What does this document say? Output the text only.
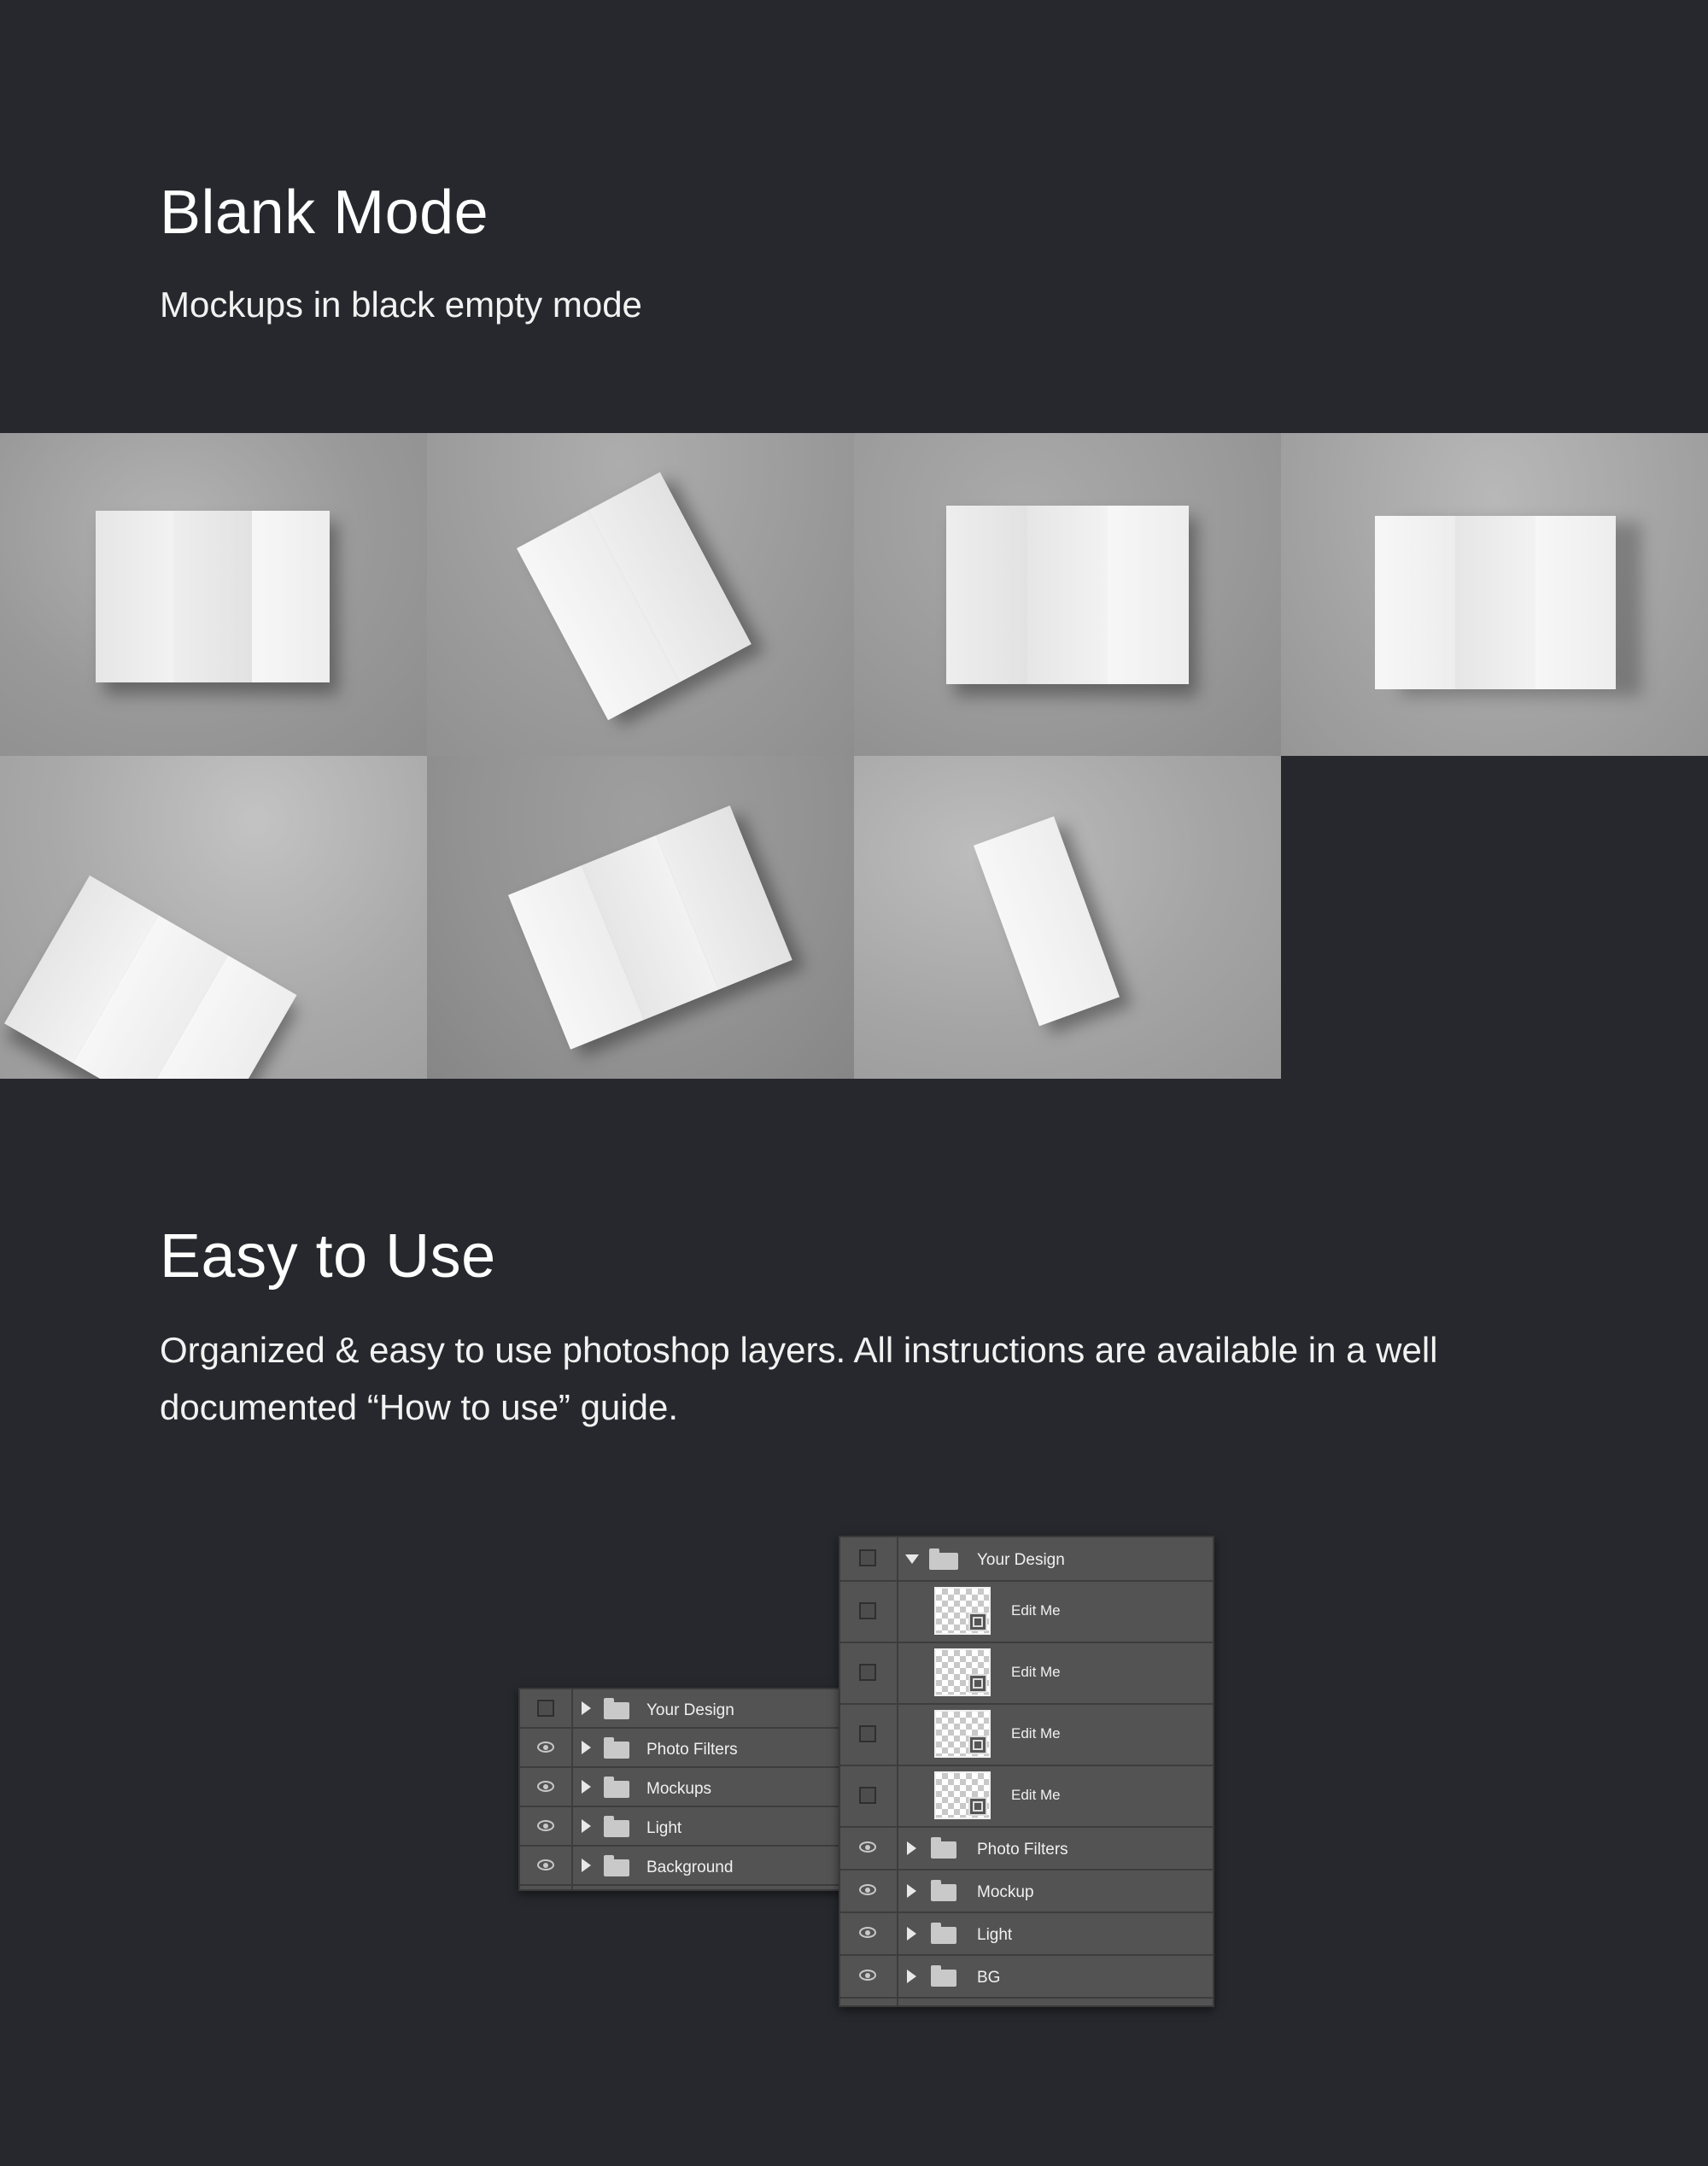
Blank Mode

Mockups in black empty mode

Easy to Use

Organized & easy to use photoshop layers. All instructions are available in a well documented “How to use” guide.

Your Design
Photo Filters
Mockups
Light
Background
Your Design
Edit Me
Edit Me
Edit Me
Edit Me
Photo Filters
Mockup
Light
BG
